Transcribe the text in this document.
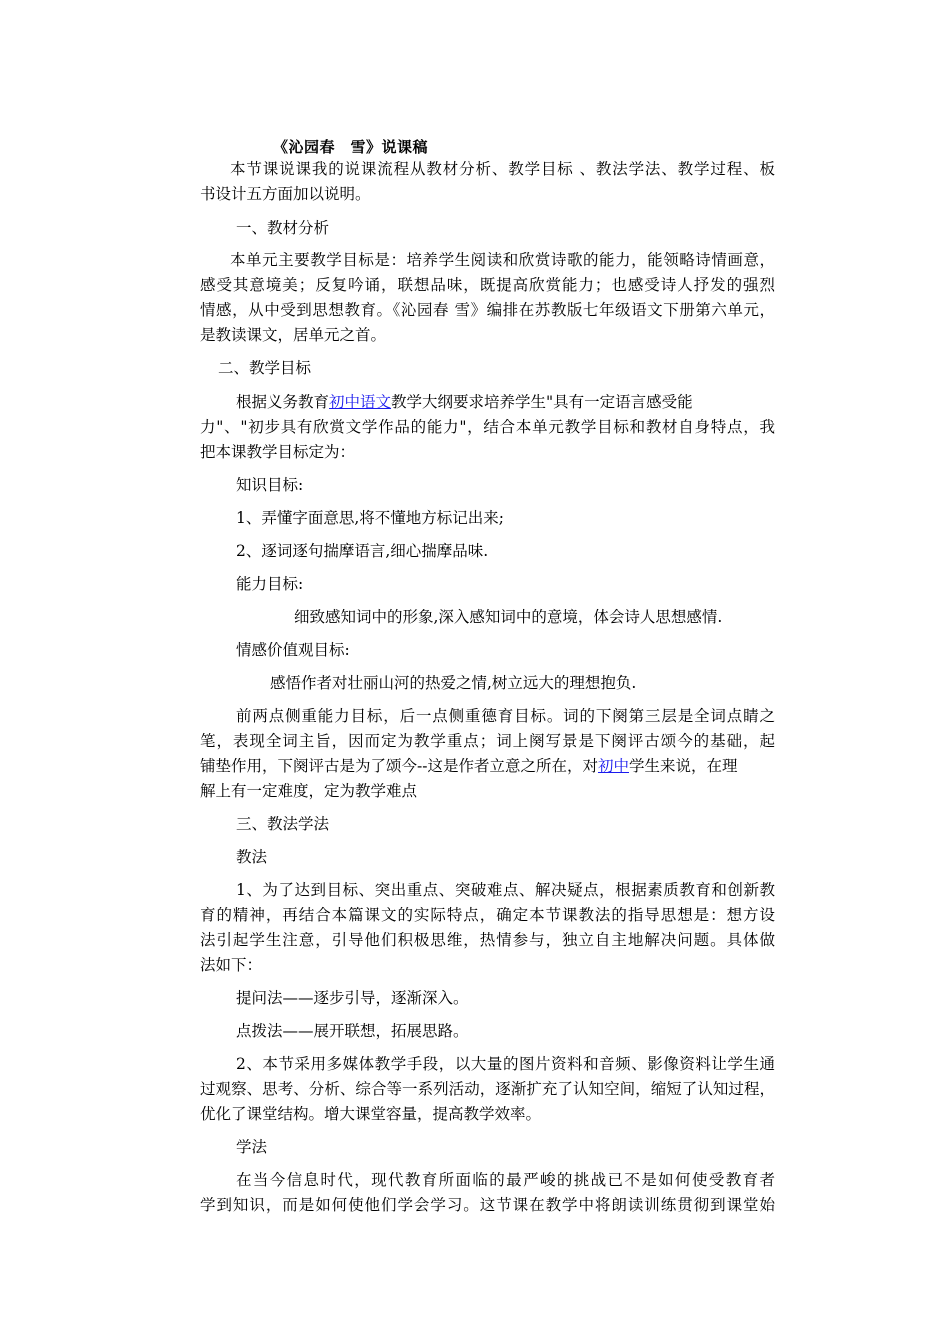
《沁园春　雪》说课稿
本节课说课我的说课流程从教材分析、教学目标 、教法学法、教学过程、板
书设计五方面加以说明。
一、教材分析
本单元主要教学目标是：培养学生阅读和欣赏诗歌的能力，能领略诗情画意，
感受其意境美；反复吟诵，联想品味，既提高欣赏能力；也感受诗人抒发的强烈
情感，从中受到思想教育。《沁园春 雪》编排在苏教版七年级语文下册第六单元，
是教读课文，居单元之首。
二、教学目标
根据义务教育初中语文教学大纲要求培养学生"具有一定语言感受能
力"、"初步具有欣赏文学作品的能力"，结合本单元教学目标和教材自身特点，我
把本课教学目标定为：
知识目标:
1、弄懂字面意思,将不懂地方标记出来;
2、逐词逐句揣摩语言,细心揣摩品味.
能力目标:
细致感知词中的形象,深入感知词中的意境，体会诗人思想感情.
情感价值观目标:
感悟作者对壮丽山河的热爱之情,树立远大的理想抱负.
前两点侧重能力目标，后一点侧重德育目标。词的下阕第三层是全词点睛之
笔，表现全词主旨，因而定为教学重点；词上阕写景是下阕评古颂今的基础，起
铺垫作用，下阕评古是为了颂今--这是作者立意之所在，对初中学生来说，在理
解上有一定难度，定为教学难点
三、教法学法
教法
1、为了达到目标、突出重点、突破难点、解决疑点，根据素质教育和创新教
育的精神，再结合本篇课文的实际特点，确定本节课教法的指导思想是：想方设
法引起学生注意，引导他们积极思维，热情参与，独立自主地解决问题。具体做
法如下：
提问法——逐步引导，逐渐深入。
点拨法——展开联想，拓展思路。
2、本节采用多媒体教学手段，以大量的图片资料和音频、影像资料让学生通
过观察、思考、分析、综合等一系列活动，逐渐扩充了认知空间，缩短了认知过程，
优化了课堂结构。增大课堂容量，提高教学效率。
学法
在当今信息时代，现代教育所面临的最严峻的挑战已不是如何使受教育者
学到知识，而是如何使他们学会学习。这节课在教学中将朗读训练贯彻到课堂始
